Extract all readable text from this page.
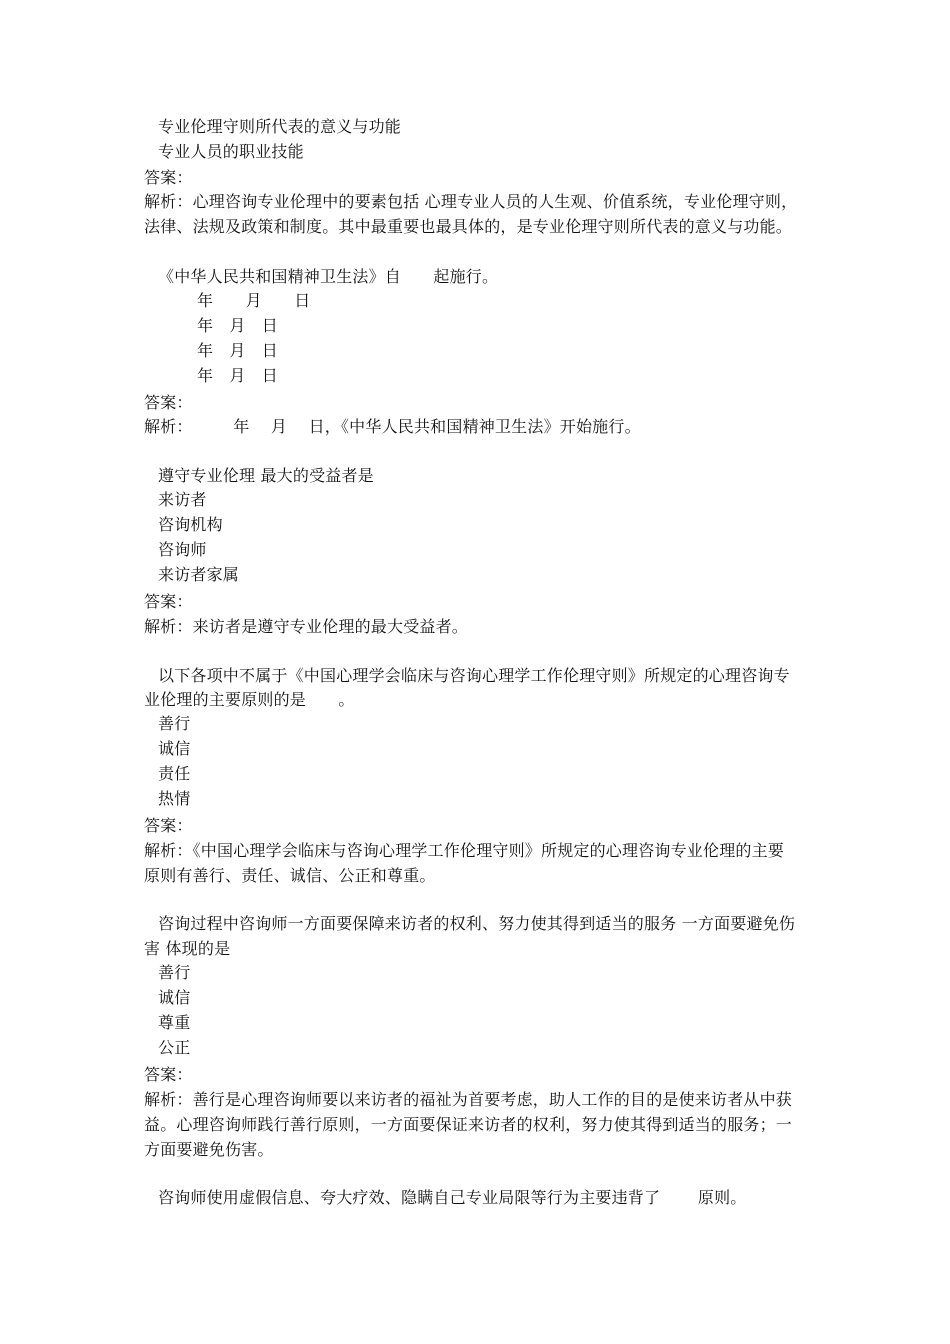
专业伦理守则所代表的意义与功能
专业人员的职业技能
答案：
解析：心理咨询专业伦理中的要素包括 心理专业人员的人生观、价值系统，专业伦理守则，
法律、法规及政策和制度。其中最重要也最具体的，是专业伦理守则所代表的意义与功能。
《中华人民共和国精神卫生法》自　　起施行。
年　　月　　日
年　月　日
年　月　日
年　月　日
答案：
解析：　　　年　 月　 日，《中华人民共和国精神卫生法》开始施行。
遵守专业伦理 最大的受益者是
来访者
咨询机构
咨询师
来访者家属
答案：
解析：来访者是遵守专业伦理的最大受益者。
以下各项中不属于《中国心理学会临床与咨询心理学工作伦理守则》所规定的心理咨询专
业伦理的主要原则的是　　。
善行
诚信
责任
热情
答案：
解析：《中国心理学会临床与咨询心理学工作伦理守则》所规定的心理咨询专业伦理的主要
原则有善行、责任、诚信、公正和尊重。
咨询过程中咨询师一方面要保障来访者的权利、努力使其得到适当的服务 一方面要避免伤
害 体现的是
善行
诚信
尊重
公正
答案：
解析：善行是心理咨询师要以来访者的福祉为首要考虑，助人工作的目的是使来访者从中获
益。心理咨询师践行善行原则，一方面要保证来访者的权利，努力使其得到适当的服务；一
方面要避免伤害。
咨询师使用虚假信息、夸大疗效、隐瞒自己专业局限等行为主要违背了　　 原则。
